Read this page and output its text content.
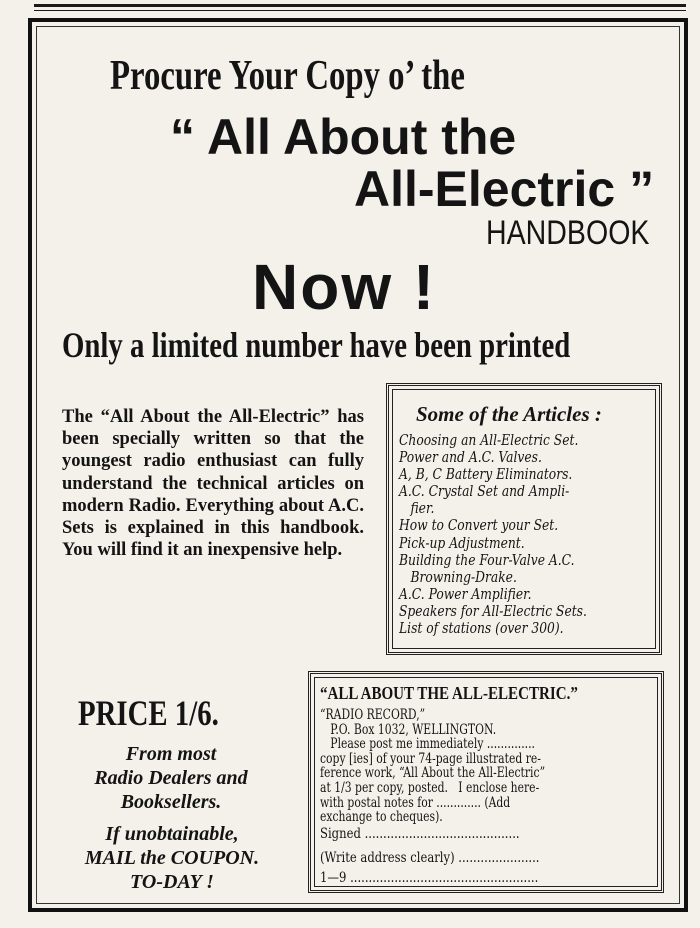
Procure Your Copy o’ the
“ All About the
All-Electric ”
HANDBOOK
Now !
Only a limited number have been printed
The “All About the All-Electric” has been specially written so that the youngest radio enthusiast can fully understand the technical articles on modern Radio. Everything about A.C. Sets is explained in this handbook. You will find it an inexpensive help.
Some of the Articles :
Choosing an All-Electric Set.
Power and A.C. Valves.
A, B, C Battery Eliminators.
A.C. Crystal Set and Ampli-
fier.
How to Convert your Set.
Pick-up Adjustment.
Building the Four-Valve A.C.
Browning-Drake.
A.C. Power Amplifier.
Speakers for All-Electric Sets.
List of stations (over 300).
PRICE 1/6.
From most
Radio Dealers and
Booksellers.
If unobtainable,
MAIL the COUPON.
TO-DAY !
“ALL ABOUT THE ALL-ELECTRIC.”
“RADIO RECORD,”
P.O. Box 1032, WELLINGTON.
Please post me immediately ..............
copy [ies] of your 74-page illustrated re-
ference work, “All About the All-Electric”
at 1/3 per copy, posted.   I enclose here-
with postal notes for ............. (Add
exchange to cheques).
Signed ..........................................
(Write address clearly) ......................
1—9 ...................................................
